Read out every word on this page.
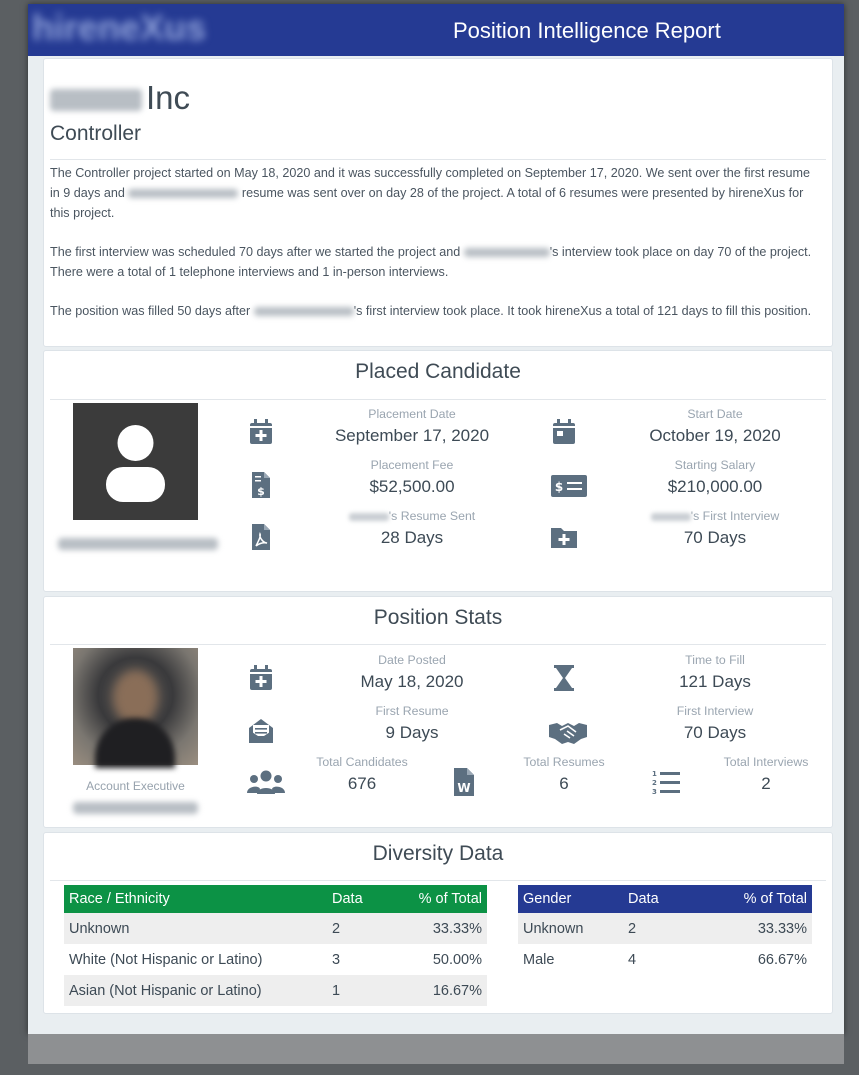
hireneXus	Position Intelligence Report
Inc
Controller

The Controller project started on May 18, 2020 and it was successfully completed on September 17, 2020. We sent over the first resume in 9 days and	resume was sent over on day 28 of the project. A total of 6 resumes were presented by hireneXus for this project.

The first interview was scheduled 70 days after we started the project and	's interview took place on day 70 of the project. There were a total of 1 telephone interviews and 1 in-person interviews.

The position was filled 50 days after	's first interview took place. It took hireneXus a total of 121 days to fill this position.

Placed Candidate
Placement Date
September 17, 2020
Start Date
October 19, 2020
$
Placement Fee
$52,500.00	$
Starting Salary
$210,000.00
's Resume Sent
28 Days
's First Interview
70 Days
Position Stats
Account Executive
Date Posted
May 18, 2020
Time to Fill
121 Days
First Resume
9 Days
First Interview
70 Days
Total Candidates
676	W
Total Resumes
6	1
2
3
Total Interviews
2
Diversity Data
Race / Ethnicity	Data	% of Total
Unknown	2	33.33%
White (Not Hispanic or Latino)	3	50.00%
Asian (Not Hispanic or Latino)	1	16.67%
Gender	Data	% of Total
Unknown	2	33.33%
Male	4	66.67%
